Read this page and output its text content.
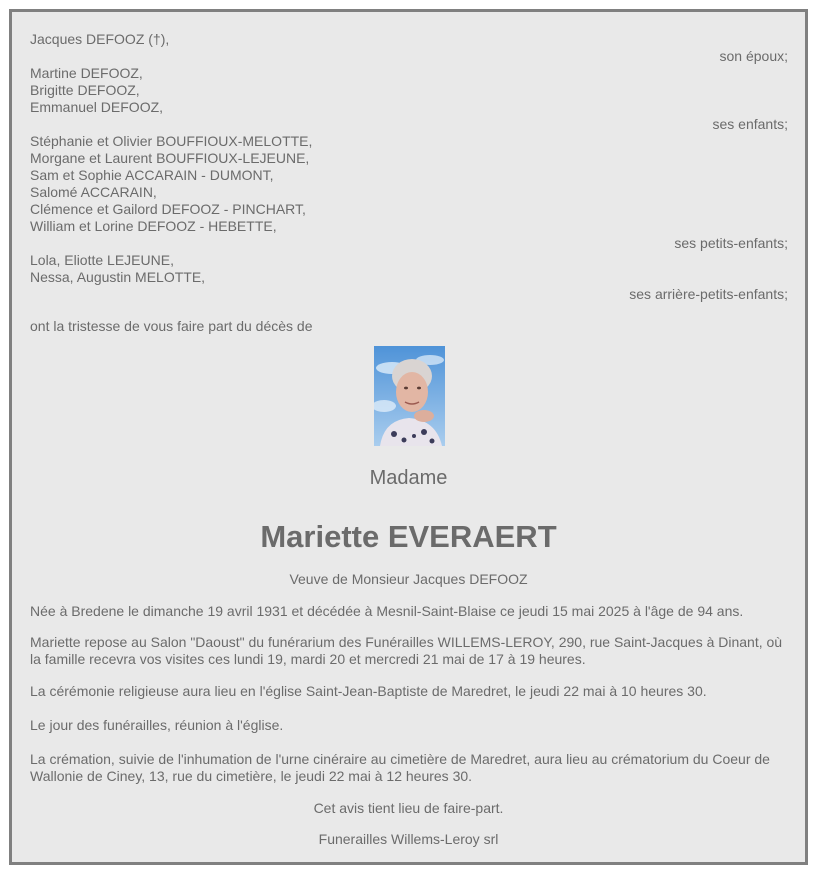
Jacques DEFOOZ (†),
son époux;
Martine DEFOOZ,
Brigitte DEFOOZ,
Emmanuel DEFOOZ,
ses enfants;
Stéphanie et Olivier BOUFFIOUX-MELOTTE,
Morgane et Laurent BOUFFIOUX-LEJEUNE,
Sam et Sophie ACCARAIN - DUMONT,
Salomé ACCARAIN,
Clémence et Gailord DEFOOZ - PINCHART,
William et Lorine DEFOOZ - HEBETTE,
ses petits-enfants;
Lola, Eliotte LEJEUNE,
Nessa, Augustin MELOTTE,
ses arrière-petits-enfants;
ont la tristesse de vous faire part du décès de
Madame
Mariette EVERAERT
Veuve de Monsieur Jacques DEFOOZ
Née à Bredene le dimanche 19 avril 1931 et décédée à Mesnil-Saint-Blaise ce jeudi 15 mai 2025 à l'âge de 94 ans.
Mariette repose au Salon "Daoust" du funérarium des Funérailles WILLEMS-LEROY, 290, rue Saint-Jacques à Dinant, où la famille recevra vos visites ces lundi 19, mardi 20 et mercredi 21 mai de 17 à 19 heures.
La cérémonie religieuse aura lieu en l'église Saint-Jean-Baptiste de Maredret, le jeudi 22 mai à 10 heures 30.
Le jour des funérailles, réunion à l'église.
La crémation, suivie de l'inhumation de l'urne cinéraire au cimetière de Maredret, aura lieu au crématorium du Coeur de Wallonie de Ciney, 13, rue du cimetière, le jeudi 22 mai à 12 heures 30.
Cet avis tient lieu de faire-part.
Funerailles Willems-Leroy srl
